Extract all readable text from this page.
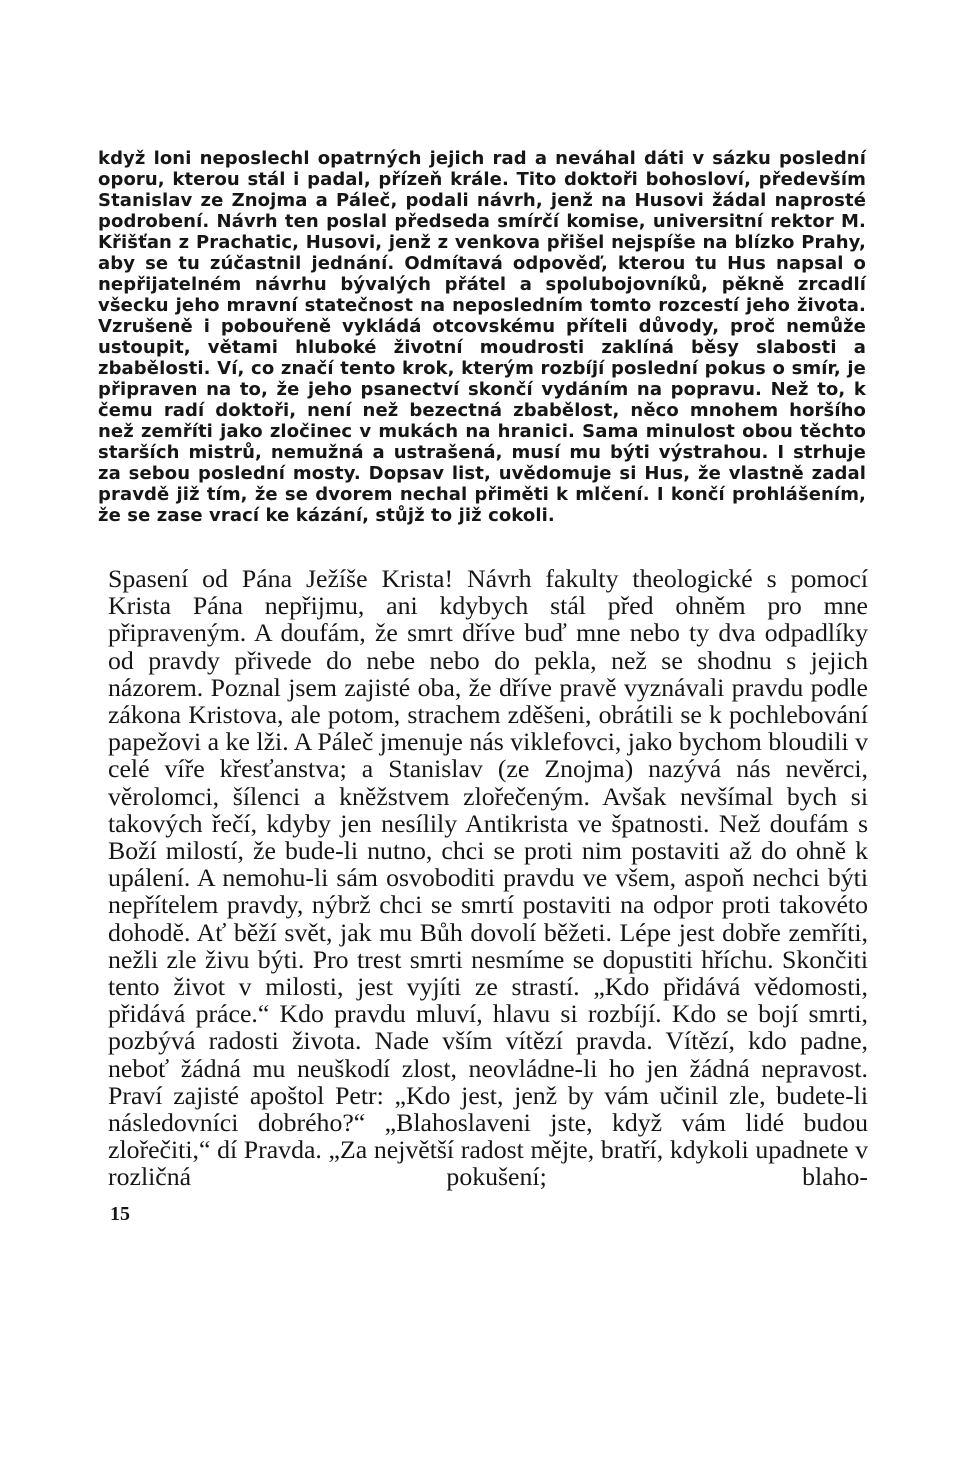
když loni neposlechl opatrných jejich rad a neváhal dáti v sázku poslední oporu, kterou stál i padal, přízeň krále. Tito doktoři bohosloví, především Stanislav ze Znojma a Páleč, podali návrh, jenž na Husovi žádal naprosté podrobení. Návrh ten poslal předseda smírčí komise, universitní rektor M. Křišťan z Prachatic, Husovi, jenž z venkova přišel nejspíše na blízko Prahy, aby se tu zúčastnil jednání. Odmítavá odpověď, kterou tu Hus napsal o nepřijatelném návrhu bývalých přátel a spolubojovníků, pěkně zrcadlí všecku jeho mravní statečnost na neposledním tomto rozcestí jeho života. Vzrušeně i pobouřeně vykládá otcovskému příteli důvody, proč nemůže ustoupit, větami hluboké životní moudrosti zaklíná běsy slabosti a zbabělosti. Ví, co značí tento krok, kterým rozbíjí poslední pokus o smír, je připraven na to, že jeho psanectví skončí vydáním na popravu. Než to, k čemu radí doktoři, není než bezectná zbabělost, něco mnohem horšího než zemříti jako zločinec v mukách na hranici. Sama minulost obou těchto starších mistrů, nemužná a ustrašená, musí mu býti výstrahou. I strhuje za sebou poslední mosty. Dopsav list, uvědomuje si Hus, že vlastně zadal pravdě již tím, že se dvorem nechal přiměti k mlčení. I končí prohlášením, že se zase vrací ke kázání, stůjž to již cokoli.

Spasení od Pána Ježíše Krista! Návrh fakulty theologické s pomocí Krista Pána nepřijmu, ani kdybych stál před ohněm pro mne připraveným. A doufám, že smrt dříve buď mne nebo ty dva odpadlíky od pravdy přivede do nebe nebo do pekla, než se shodnu s jejich názorem. Poznal jsem zajisté oba, že dříve pravě vyznávali pravdu podle zákona Kristova, ale potom, strachem zděšeni, obrátili se k pochlebování papežovi a ke lži. A Páleč jmenuje nás viklefovci, jako bychom bloudili v celé víře křesťanstva; a Stanislav (ze Znojma) nazývá nás nevěrci, věrolomci, šílenci a kněžstvem zlořečeným. Avšak nevšímal bych si takových řečí, kdyby jen nesílily Antikrista ve špatnosti. Než doufám s Boží milostí, že bude-li nutno, chci se proti nim postaviti až do ohně k upálení. A nemohu-li sám osvoboditi pravdu ve všem, aspoň nechci býti nepřítelem pravdy, nýbrž chci se smrtí postaviti na odpor proti takovéto dohodě. Ať běží svět, jak mu Bůh dovolí běžeti. Lépe jest dobře zemříti, nežli zle živu býti. Pro trest smrti nesmíme se dopustiti hříchu. Skončiti tento život v milosti, jest vyjíti ze strastí. „Kdo přidává vědomosti, přidává práce.“ Kdo pravdu mluví, hlavu si rozbíjí. Kdo se bojí smrti, pozbývá radosti života. Nade vším vítězí pravda. Vítězí, kdo padne, neboť žádná mu neuškodí zlost, neovládne-li ho jen žádná nepravost. Praví zajisté apoštol Petr: „Kdo jest, jenž by vám učinil zle, budete-li následovníci dobrého?“ „Blahoslaveni jste, když vám lidé budou zlořečiti,“ dí Pravda. „Za největší radost mějte, bratří, kdykoli upadnete v rozličná pokušení; blaho-

15
